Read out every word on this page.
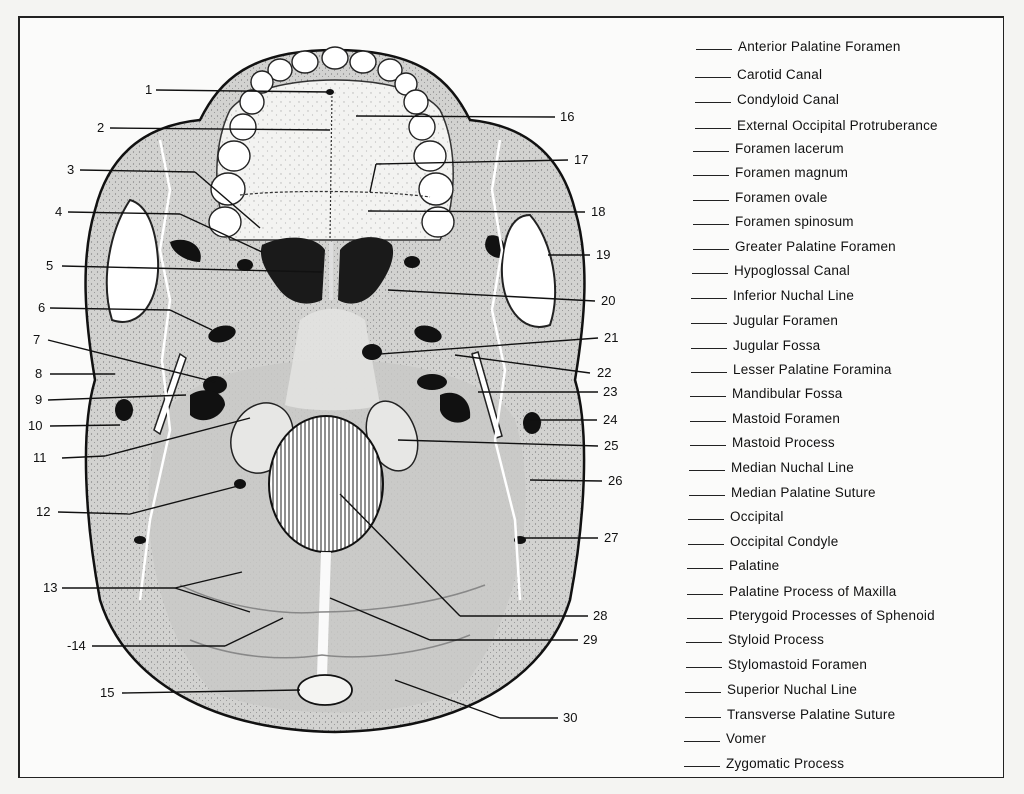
1
2
3
4
5
6
7
8
9
10
11
12
13
-14
15
16
17
18
19
20
21
22
23
24
25
26
27
28
29
30
Anterior Palatine Foramen
Carotid Canal
Condyloid Canal
External Occipital Protruberance
Foramen lacerum
Foramen magnum
Foramen ovale
Foramen spinosum
Greater Palatine Foramen
Hypoglossal Canal
Inferior Nuchal Line
Jugular Foramen
Jugular Fossa
Lesser Palatine Foramina
Mandibular Fossa
Mastoid Foramen
Mastoid Process
Median Nuchal Line
Median Palatine Suture
Occipital
Occipital Condyle
Palatine
Palatine Process of Maxilla
Pterygoid Processes of Sphenoid
Styloid Process
Stylomastoid Foramen
Superior Nuchal Line
Transverse Palatine Suture
Vomer
Zygomatic Process
